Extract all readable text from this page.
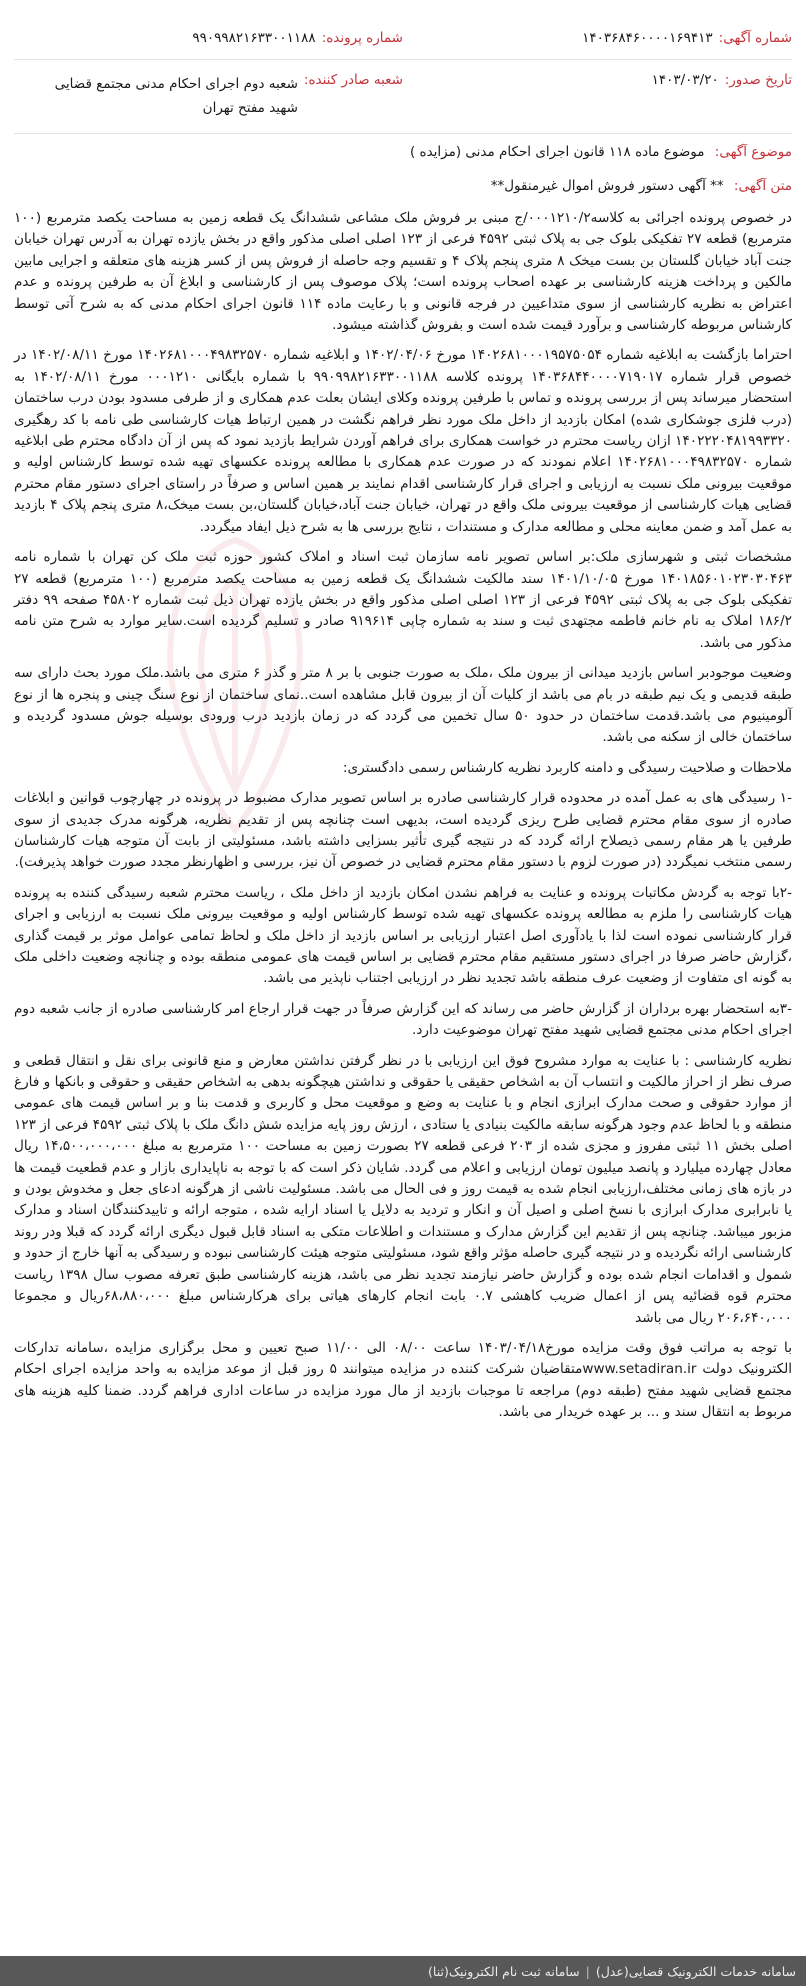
شماره آگهی:
۱۴۰۳۶۸۴۶۰۰۰۰۱۶۹۴۱۳
شماره پرونده:
۹۹۰۹۹۸۲۱۶۳۳۰۰۱۱۸۸
تاریخ صدور:
۱۴۰۳/۰۳/۲۰
شعبه صادر کننده:
شعبه دوم اجرای احکام مدنی مجتمع قضایی شهید مفتح تهران
موضوع آگهی: موضوع ماده ۱۱۸ قانون اجرای احکام مدنی (مزایده )
متن آگهی: ** آگهی دستور فروش اموال غیرمنقول**

در خصوص پرونده اجرائی به کلاسه۰۰۰۱۲۱۰/۲/ج مبنی بر فروش ملک مشاعی ششدانگ یک قطعه زمین به مساحت یکصد مترمربع (۱۰۰ مترمربع) قطعه ۲۷ تفکیکی بلوک جی به پلاک ثبتی ۴۵۹۲ فرعی از ۱۲۳ اصلی اصلی مذکور واقع در بخش یازده تهران به آدرس تهران خیابان جنت آباد خیابان گلستان بن بست میخک ۸ متری پنجم پلاک ۴ و تقسیم وجه حاصله از فروش پس از کسر هزینه های متعلقه و اجرایی مابین مالکین و پرداخت هزینه کارشناسی بر عهده اصحاب پرونده است؛ پلاک موصوف پس از کارشناسی و ابلاغ آن به طرفین پرونده و عدم اعتراض به نظریه کارشناسی از سوی متداعیین در فرجه قانونی و با رعایت ماده ۱۱۴ قانون اجرای احکام مدنی که به شرح آتی توسط کارشناس مربوطه کارشناسی و برآورد قیمت شده است و بفروش گذاشته میشود.

احتراما بازگشت به ابلاغیه شماره ۱۴۰۲۶۸۱۰۰۰۱۹۵۷۵۰۵۴ مورخ ۱۴۰۲/۰۴/۰۶ و ابلاغیه شماره ۱۴۰۲۶۸۱۰۰۰۴۹۸۳۲۵۷۰ مورخ ۱۴۰۲/۰۸/۱۱ در خصوص قرار شماره ۱۴۰۳۶۸۴۴۰۰۰۰۷۱۹۰۱۷ پرونده کلاسه ۹۹۰۹۹۸۲۱۶۳۳۰۰۱۱۸۸ با شماره بایگانی ۰۰۰۱۲۱۰ مورخ ۱۴۰۲/۰۸/۱۱ به استحضار میرساند پس از بررسی پرونده و تماس با طرفین پرونده وکلای ایشان بعلت عدم همکاری و از طرفی مسدود بودن درب ساختمان (درب فلزی جوشکاری شده) امکان بازدید از داخل ملک مورد نظر فراهم نگشت در همین ارتباط هیات کارشناسی طی نامه با کد رهگیری ۱۴۰۲۲۲۰۴۸۱۹۹۳۳۲۰ ازان ریاست محترم در خواست همکاری برای فراهم آوردن شرایط بازدید نمود که پس از آن دادگاه محترم طی ابلاغیه شماره ۱۴۰۲۶۸۱۰۰۰۴۹۸۳۲۵۷۰ اعلام نمودند که در صورت عدم همکاری با مطالعه پرونده عکسهای تهیه شده توسط کارشناس اولیه و موقعیت بیرونی ملک نسبت به ارزیابی و اجرای قرار کارشناسی اقدام نمایند بر همین اساس و صرفاً در راستای اجرای دستور مقام محترم قضایی هیات کارشناسی از موقعیت بیرونی ملک واقع در تهران، خیابان جنت آباد،خیابان گلستان،بن بست میخک،۸ متری پنجم پلاک ۴ بازدید به عمل آمد و ضمن معاینه محلی و مطالعه مدارک و مستندات ، نتایج بررسی ها به شرح ذیل ایفاد میگردد.

مشخصات ثبتی و شهرسازی ملک:بر اساس تصویر نامه سازمان ثبت اسناد و املاک کشور حوزه ثبت ملک کن تهران با شماره نامه ۱۴۰۱۸۵۶۰۱۰۲۳۰۳۰۴۶۳ مورخ ۱۴۰۱/۱۰/۰۵ سند مالکیت ششدانگ یک قطعه زمین به مساحت یکصد مترمربع (۱۰۰ مترمربع) قطعه ۲۷ تفکیکی بلوک جی به پلاک ثبتی ۴۵۹۲ فرعی از ۱۲۳ اصلی اصلی مذکور واقع در بخش یازده تهران ذیل ثبت شماره ۴۵۸۰۲ صفحه ۹۹ دفتر ۱۸۶/۲ املاک به نام خانم فاطمه مجتهدی ثبت و سند به شماره چاپی ۹۱۹۶۱۴ صادر و تسلیم گردیده است.سایر موارد به شرح متن نامه مذکور می باشد.

وضعیت موجودبر اساس بازدید میدانی از بیرون ملک ،ملک به صورت جنوبی با بر ۸ متر و گذر ۶ متری می باشد.ملک مورد بحث دارای سه طبقه قدیمی و یک نیم طبقه در بام می باشد از کلیات آن از بیرون قابل مشاهده است..نمای ساختمان از نوع سنگ چینی و پنجره ها از نوع آلومینیوم می باشد.قدمت ساختمان در حدود ۵۰ سال تخمین می گردد که در زمان بازدید درب ورودی بوسیله جوش مسدود گردیده و ساختمان خالی از سکنه می باشد.

ملاحظات و صلاحیت رسیدگی و دامنه کاربرد نظریه کارشناس رسمی دادگستری:

-۱ رسیدگی های به عمل آمده در محدوده قرار کارشناسی صادره بر اساس تصویر مدارک مضبوط در پرونده در چهارچوب قوانین و ابلاغات صادره از سوی مقام محترم قضایی طرح ریزی گردیده است، بدیهی است چنانچه پس از تقدیم نظریه، هرگونه مدرک جدیدی از سوی طرفین یا هر مقام رسمی ذیصلاح ارائه گردد که در نتیجه گیری تأثیر بسزایی داشته باشد، مسئولیتی از بابت آن متوجه هیات کارشناسان رسمی منتخب نمیگردد (در صورت لزوم با دستور مقام محترم قضایی در خصوص آن نیز، بررسی و اظهارنظر مجدد صورت خواهد پذیرفت).

-۲با توجه به گردش مکاتبات پرونده و عنایت به فراهم نشدن امکان بازدید از داخل ملک ، ریاست محترم شعبه رسیدگی کننده به پرونده هیات کارشناسی را ملزم به مطالعه پرونده عکسهای تهیه شده توسط کارشناس اولیه و موقعیت بیرونی ملک نسبت به ارزیابی و اجرای قرار کارشناسی نموده است لذا با یادآوری اصل اعتبار ارزیابی بر اساس بازدید از داخل ملک و لحاظ تمامی عوامل موثر بر قیمت گذاری ،گزارش حاضر صرفا در اجرای دستور مستقیم مقام محترم قضایی بر اساس قیمت های عمومی منطقه بوده و چنانچه وضعیت داخلی ملک به گونه ای متفاوت از وضعیت عرف منطقه باشد تجدید نظر در ارزیابی اجتناب ناپذیر می باشد.

-۳به استحضار بهره برداران از گزارش حاضر می رساند که این گزارش صرفاً در جهت قرار ارجاع امر کارشناسی صادره از جانب شعبه دوم اجرای احکام مدنی مجتمع قضایی شهید مفتح تهران موضوعیت دارد.

نظریه کارشناسی : با عنایت به موارد مشروح فوق این ارزیابی با در نظر گرفتن نداشتن معارض و منع قانونی برای نقل و انتقال قطعی و صرف نظر از احراز مالکیت و انتساب آن به اشخاص حقیقی یا حقوقی و نداشتن هیچگونه بدهی به اشخاص حقیقی و حقوقی و بانکها و فارغ از موارد حقوقی و صحت مدارک ابرازی انجام و با عنایت به وضع و موقعیت محل و کاربری و قدمت بنا و بر اساس قیمت های عمومی منطقه و با لحاظ عدم وجود هرگونه سابقه مالکیت بنیادی یا ستادی ، ارزش روز پایه مزایده شش دانگ ملک با پلاک ثبتی ۴۵۹۲ فرعی از ۱۲۳ اصلی بخش ۱۱ ثبتی مفروز و مجزی شده از ۲۰۳ فرعی قطعه ۲۷ بصورت زمین به مساحت ۱۰۰ مترمربع به مبلغ ۱۴،۵۰۰،۰۰۰،۰۰۰ ریال معادل چهارده میلیارد و پانصد میلیون تومان ارزیابی و اعلام می گردد. شایان ذکر است که با توجه به ناپایداری بازار و عدم قطعیت قیمت ها در بازه های زمانی مختلف،ارزیابی انجام شده به قیمت روز و فی الحال می باشد. مسئولیت ناشی از هرگونه ادعای جعل و مخدوش بودن و یا نابرابری مدارک ابرازی با نسخ اصلی و اصیل آن و انکار و تردید به دلایل یا اسناد ارایه شده ، متوجه ارائه و تاییدکنندگان اسناد و مدارک مزبور میباشد. چنانچه پس از تقدیم این گزارش مدارک و مستندات و اطلاعات متکی به اسناد قابل قبول دیگری ارائه گردد که قبلا ودر روند کارشناسی ارائه نگردیده و در نتیجه گیری حاصله مؤثر واقع شود، مسئولیتی متوجه هیئت کارشناسی نبوده و رسیدگی به آنها خارج از حدود و شمول و اقدامات انجام شده بوده و گزارش حاضر نیازمند تجدید نظر می باشد، هزینه کارشناسی طبق تعرفه مصوب سال ۱۳۹۸ ریاست محترم قوه قضائیه پس از اعمال ضریب کاهشی ۰.۷ بابت انجام کارهای هیاتی برای هرکارشناس مبلغ ۶۸،۸۸۰،۰۰۰ریال و مجموعا ۲۰۶،۶۴۰،۰۰۰ ریال می باشد

با توجه به مراتب فوق وقت مزایده مورخ۱۴۰۳/۰۴/۱۸ ساعت ۰۸/۰۰ الی ۱۱/۰۰ صبح تعیین و محل برگزاری مزایده ،سامانه تدارکات الکترونیک دولت www.setadiran.irمتقاضیان شرکت کننده در مزایده میتوانند ۵ روز قبل از موعد مزایده به واحد مزایده اجرای احکام مجتمع قضایی شهید مفتح (طبقه دوم) مراجعه تا موجبات بازدید از مال مورد مزایده در ساعات اداری فراهم گردد. ضمنا کلیه هزینه های مربوط به انتقال سند و ... بر عهده خریدار می باشد.

سامانه خدمات الکترونیک قضایی(عدل)
|
سامانه ثبت نام الکترونیک(ثنا)
